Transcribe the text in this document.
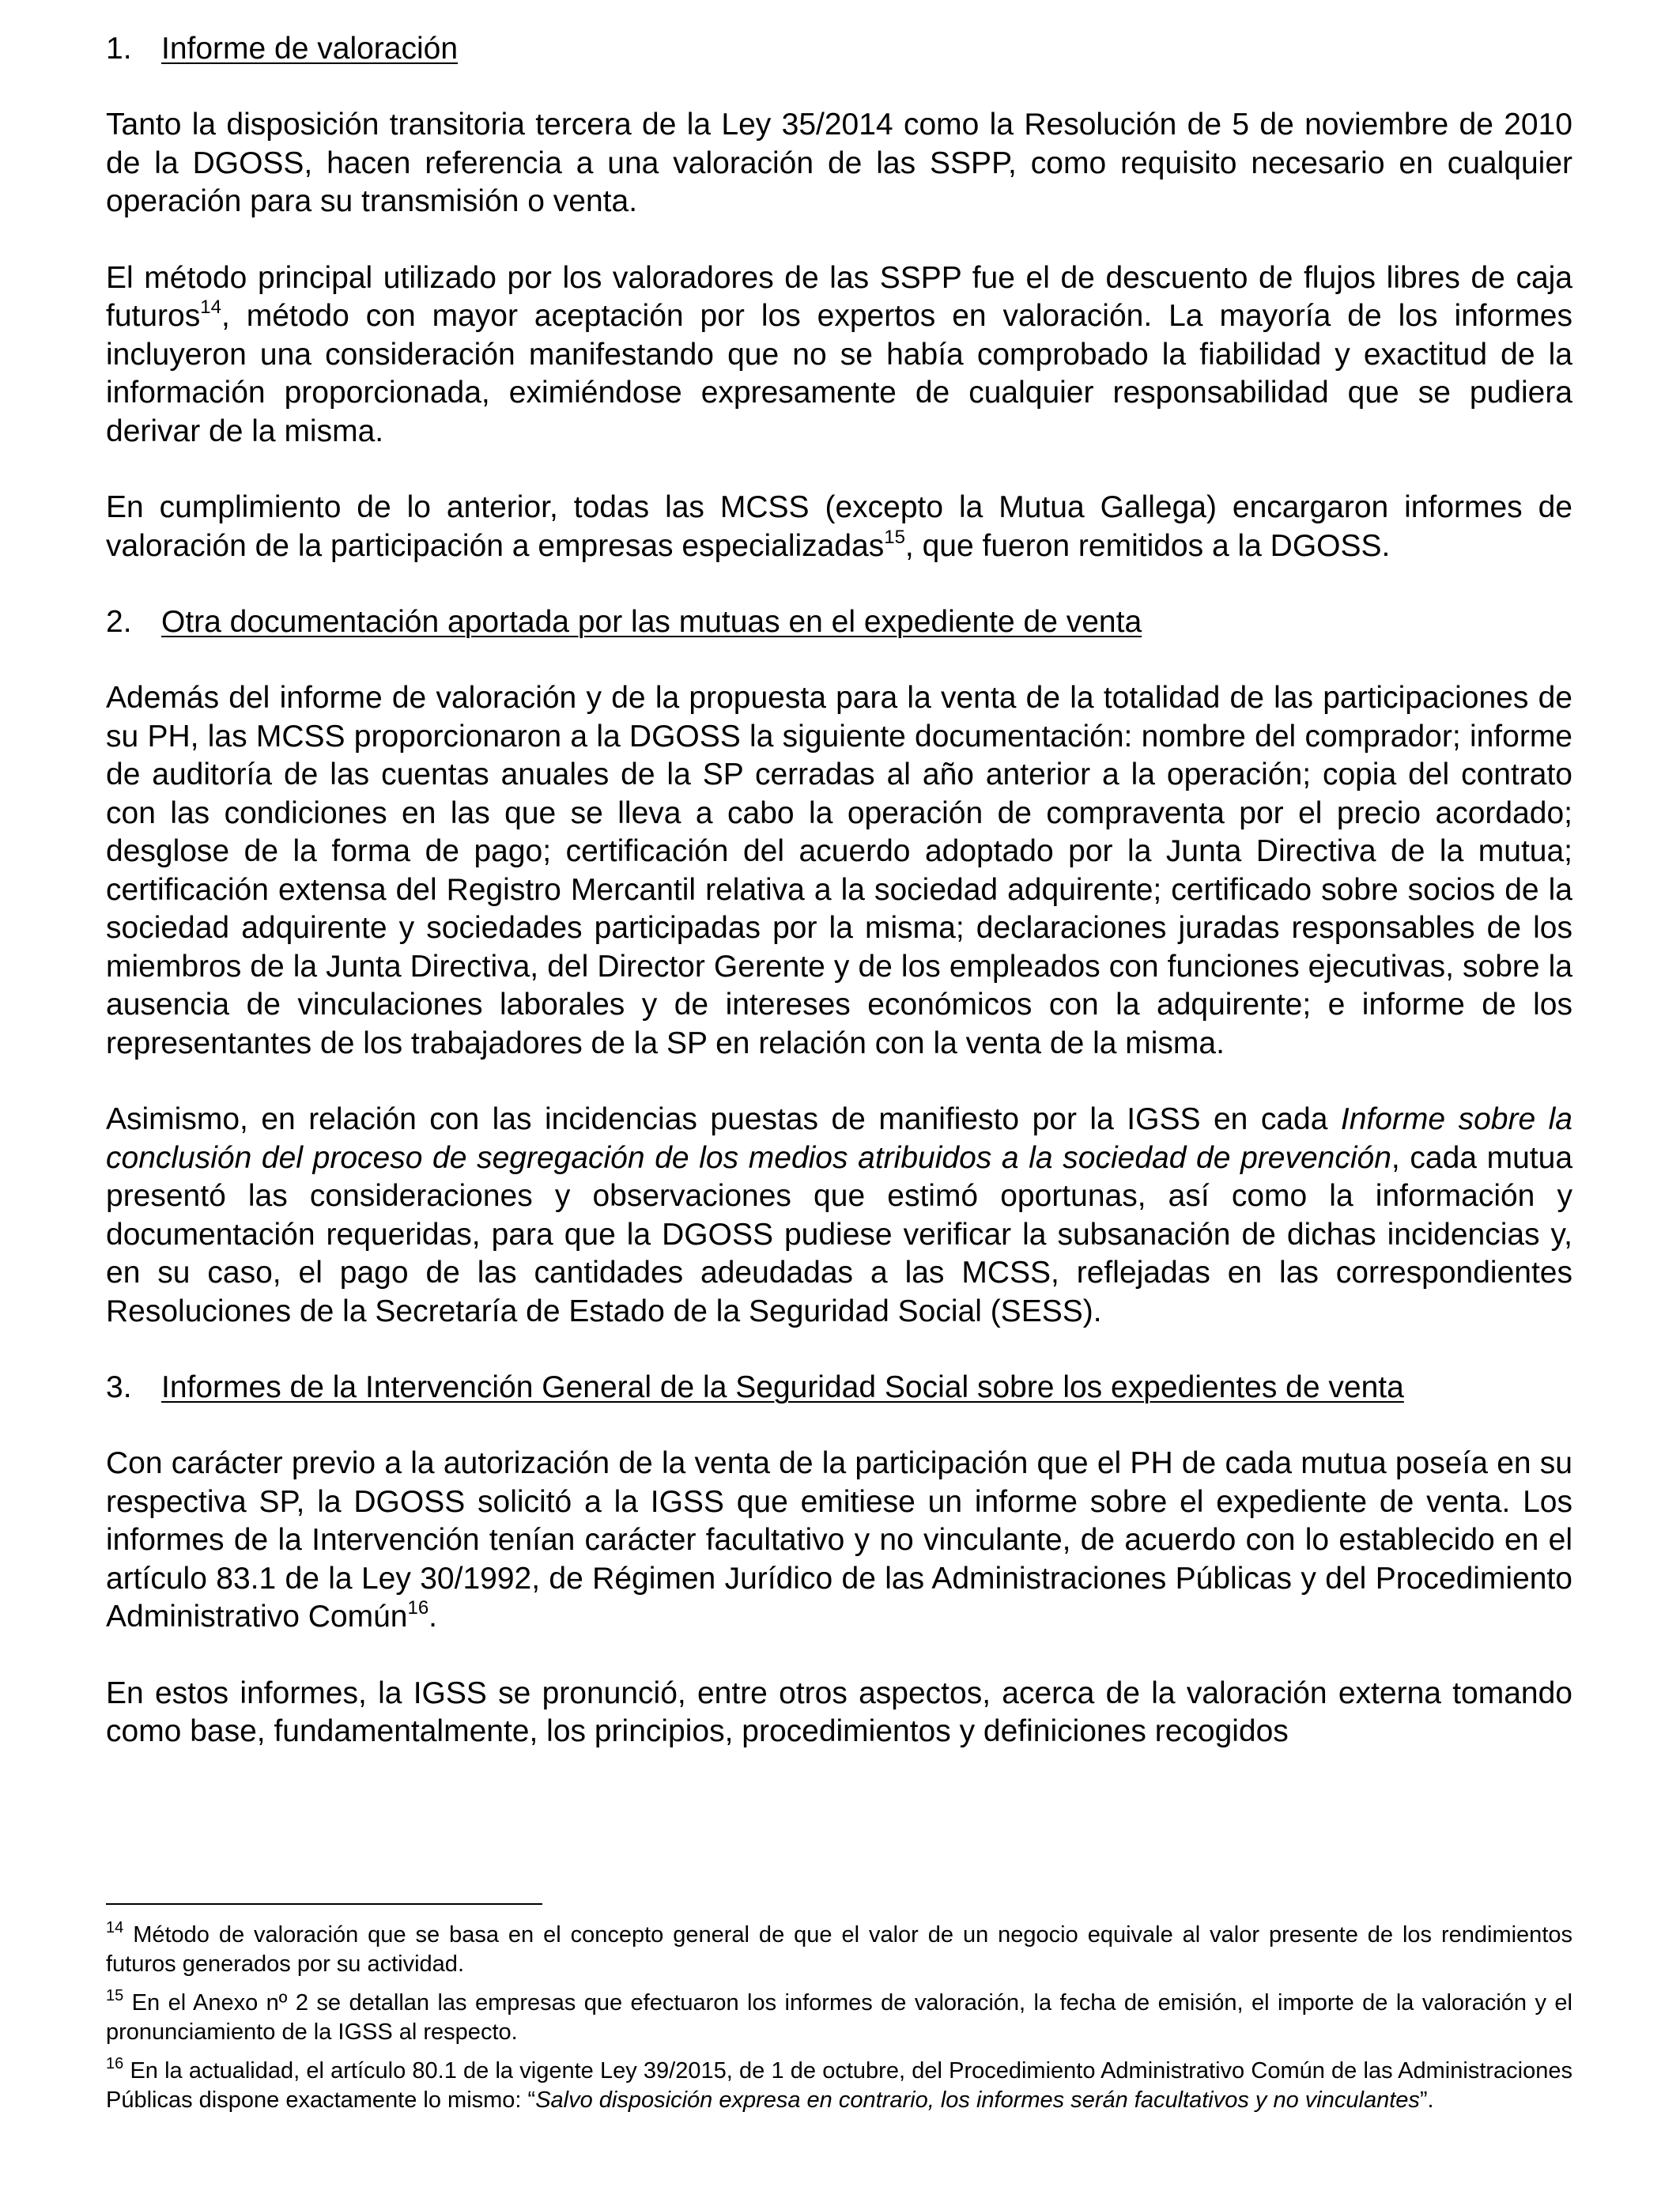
1. Informe de valoración

Tanto la disposición transitoria tercera de la Ley 35/2014 como la Resolución de 5 de noviembre de 2010 de la DGOSS, hacen referencia a una valoración de las SSPP, como requisito necesario en cualquier operación para su transmisión o venta.

El método principal utilizado por los valoradores de las SSPP fue el de descuento de flujos libres de caja futuros$^{14}$, método con mayor aceptación por los expertos en valoración. La mayoría de los informes incluyeron una consideración manifestando que no se había comprobado la fiabilidad y exactitud de la información proporcionada, eximiéndose expresamente de cualquier responsabilidad que se pudiera derivar de la misma.

En cumplimiento de lo anterior, todas las MCSS (excepto la Mutua Gallega) encargaron informes de valoración de la participación a empresas especializadas$^{15}$, que fueron remitidos a la DGOSS.

2. Otra documentación aportada por las mutuas en el expediente de venta

Además del informe de valoración y de la propuesta para la venta de la totalidad de las participaciones de su PH, las MCSS proporcionaron a la DGOSS la siguiente documentación: nombre del comprador; informe de auditoría de las cuentas anuales de la SP cerradas al año anterior a la operación; copia del contrato con las condiciones en las que se lleva a cabo la operación de compraventa por el precio acordado; desglose de la forma de pago; certificación del acuerdo adoptado por la Junta Directiva de la mutua; certificación extensa del Registro Mercantil relativa a la sociedad adquirente; certificado sobre socios de la sociedad adquirente y sociedades participadas por la misma; declaraciones juradas responsables de los miembros de la Junta Directiva, del Director Gerente y de los empleados con funciones ejecutivas, sobre la ausencia de vinculaciones laborales y de intereses económicos con la adquirente; e informe de los representantes de los trabajadores de la SP en relación con la venta de la misma.

Asimismo, en relación con las incidencias puestas de manifiesto por la IGSS en cada Informe sobre la conclusión del proceso de segregación de los medios atribuidos a la sociedad de prevención, cada mutua presentó las consideraciones y observaciones que estimó oportunas, así como la información y documentación requeridas, para que la DGOSS pudiese verificar la subsanación de dichas incidencias y, en su caso, el pago de las cantidades adeudadas a las MCSS, reflejadas en las correspondientes Resoluciones de la Secretaría de Estado de la Seguridad Social (SESS).

3. Informes de la Intervención General de la Seguridad Social sobre los expedientes de venta

Con carácter previo a la autorización de la venta de la participación que el PH de cada mutua poseía en su respectiva SP, la DGOSS solicitó a la IGSS que emitiese un informe sobre el expediente de venta. Los informes de la Intervención tenían carácter facultativo y no vinculante, de acuerdo con lo establecido en el artículo 83.1 de la Ley 30/1992, de Régimen Jurídico de las Administraciones Públicas y del Procedimiento Administrativo Común$^{16}$.

En estos informes, la IGSS se pronunció, entre otros aspectos, acerca de la valoración externa tomando como base, fundamentalmente, los principios, procedimientos y definiciones recogidos

$^{14}$ Método de valoración que se basa en el concepto general de que el valor de un negocio equivale al valor presente de los rendimientos futuros generados por su actividad.

$^{15}$ En el Anexo nº 2 se detallan las empresas que efectuaron los informes de valoración, la fecha de emisión, el importe de la valoración y el pronunciamiento de la IGSS al respecto.

$^{16}$ En la actualidad, el artículo 80.1 de la vigente Ley 39/2015, de 1 de octubre, del Procedimiento Administrativo Común de las Administraciones Públicas dispone exactamente lo mismo: “Salvo disposición expresa en contrario, los informes serán facultativos y no vinculantes”.
